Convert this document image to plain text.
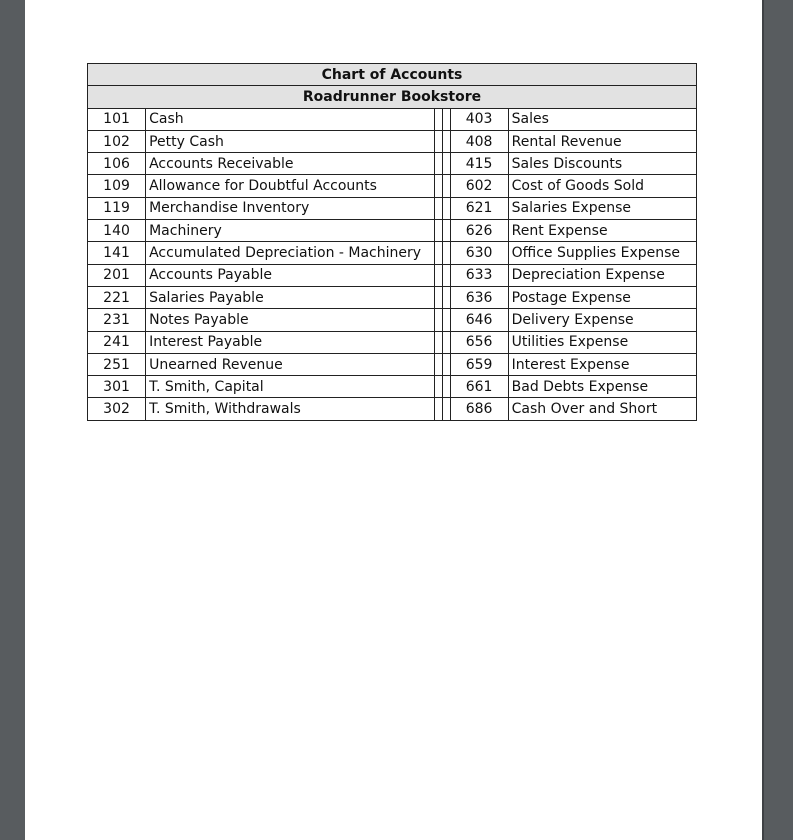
Chart of Accounts					
Roadrunner Bookstore					
101	Cash			403	Sales
102	Petty Cash			408	Rental Revenue
106	Accounts Receivable			415	Sales Discounts
109	Allowance for Doubtful Accounts			602	Cost of Goods Sold
119	Merchandise Inventory			621	Salaries Expense
140	Machinery			626	Rent Expense
141	Accumulated Depreciation - Machinery			630	Office Supplies Expense
201	Accounts Payable			633	Depreciation Expense
221	Salaries Payable			636	Postage Expense
231	Notes Payable			646	Delivery Expense
241	Interest Payable			656	Utilities Expense
251	Unearned Revenue			659	Interest Expense
301	T. Smith, Capital			661	Bad Debts Expense
302	T. Smith, Withdrawals			686	Cash Over and Short
